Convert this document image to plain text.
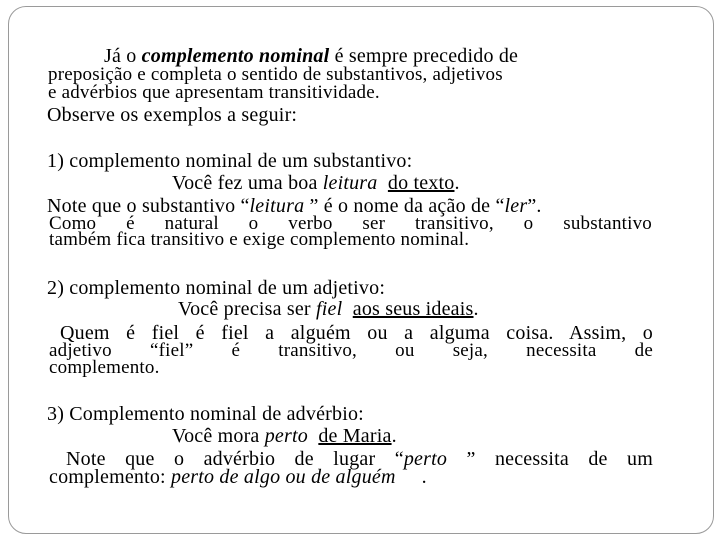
Já o complemento nominal é sempre precedido de
preposição e completa o sentido de substantivos, adjetivos
e advérbios que apresentam transitividade.
Observe os exemplos a seguir:
1) complemento nominal de um substantivo:
Você fez uma boa leitura do texto.
Note que o substantivo “leitura ” é o nome da ação de “ler”.
Como é natural o verbo ser transitivo, o substantivo
também fica transitivo e exige complemento nominal.
2) complemento nominal de um adjetivo:
Você precisa ser fiel aos seus ideais.
Quem é fiel é fiel a alguém ou a alguma coisa. Assim, o
adjetivo “fiel” é transitivo, ou seja, necessita de
complemento.
3) Complemento nominal de advérbio:
Você mora perto de Maria.
Note que o advérbio de lugar “perto ” necessita de um
complemento: perto de algo ou de alguém     .
